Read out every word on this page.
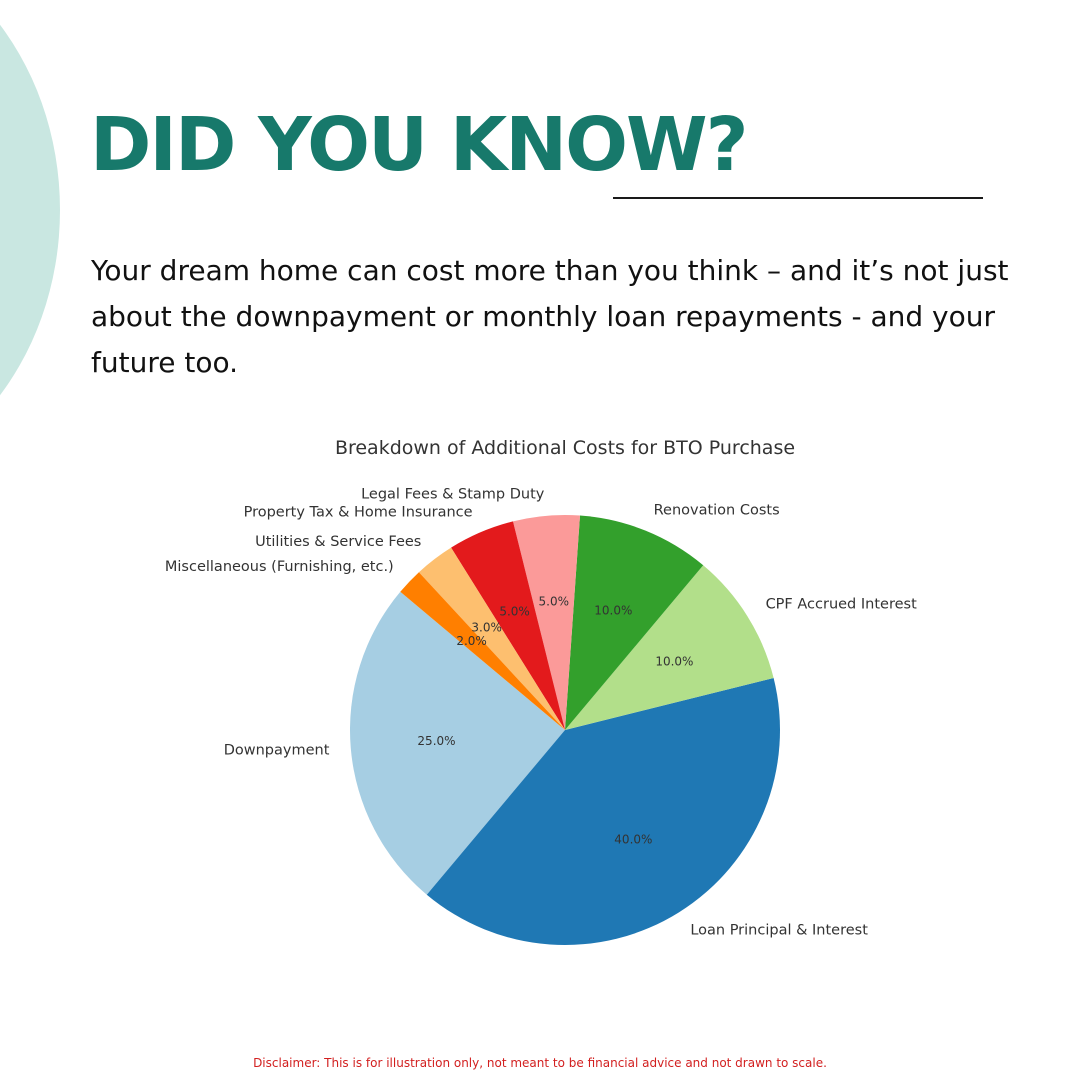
DID YOU KNOW?

Your dream home can cost more than you think – and it’s not just about the downpayment or monthly loan repayments - and your future too.

Breakdown of Additional Costs for BTO Purchase
25.0%
40.0%
10.0%
10.0%
5.0%
5.0%
3.0%
2.0%
Downpayment
Loan Principal & Interest
CPF Accrued Interest
Renovation Costs
Legal Fees & Stamp Duty
Property Tax & Home Insurance
Utilities & Service Fees
Miscellaneous (Furnishing, etc.)

Disclaimer: This is for illustration only, not meant to be financial advice and not drawn to scale.
